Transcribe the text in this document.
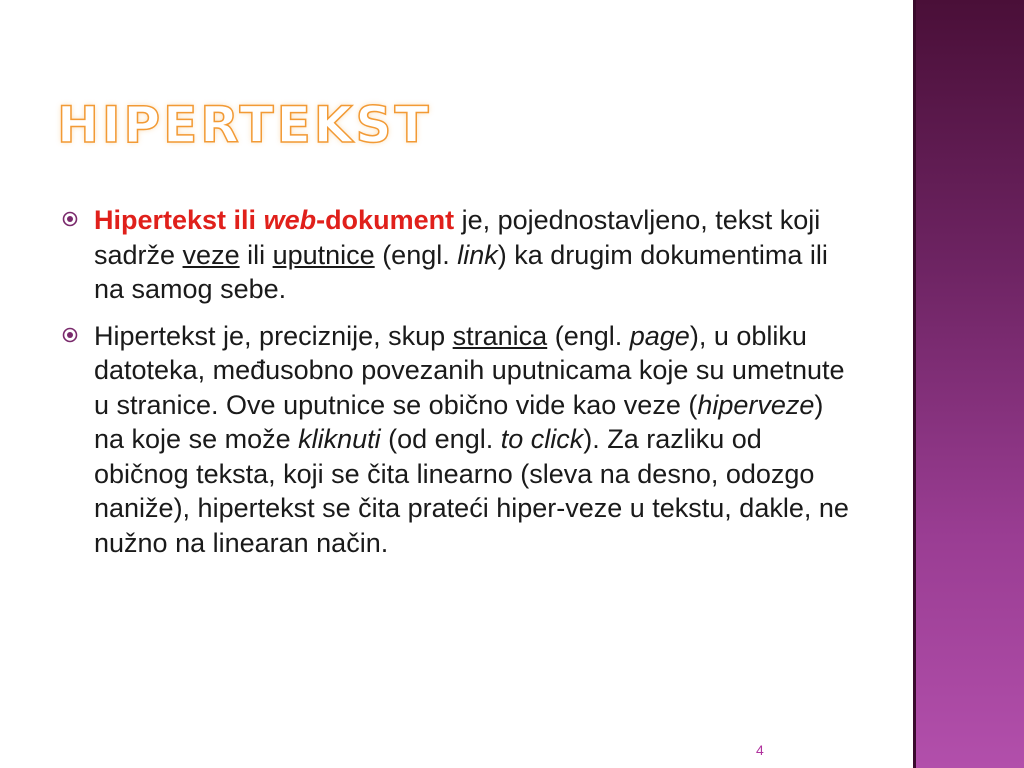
HIPERTEKST

Hipertekst ili web-dokument je, pojednostavljeno, tekst koji sadrže veze ili uputnice (engl. link) ka drugim dokumentima ili na samog sebe.

Hipertekst je, preciznije, skup stranica (engl. page), u obliku datoteka, međusobno povezanih uputnicama koje su umetnute u stranice. Ove uputnice se obično vide kao veze (hiperveze) na koje se može kliknuti (od engl. to click). Za razliku od običnog teksta, koji se čita linearno (sleva na desno, odozgo naniže), hipertekst se čita prateći hiper-veze u tekstu, dakle, ne nužno na linearan način.

4
